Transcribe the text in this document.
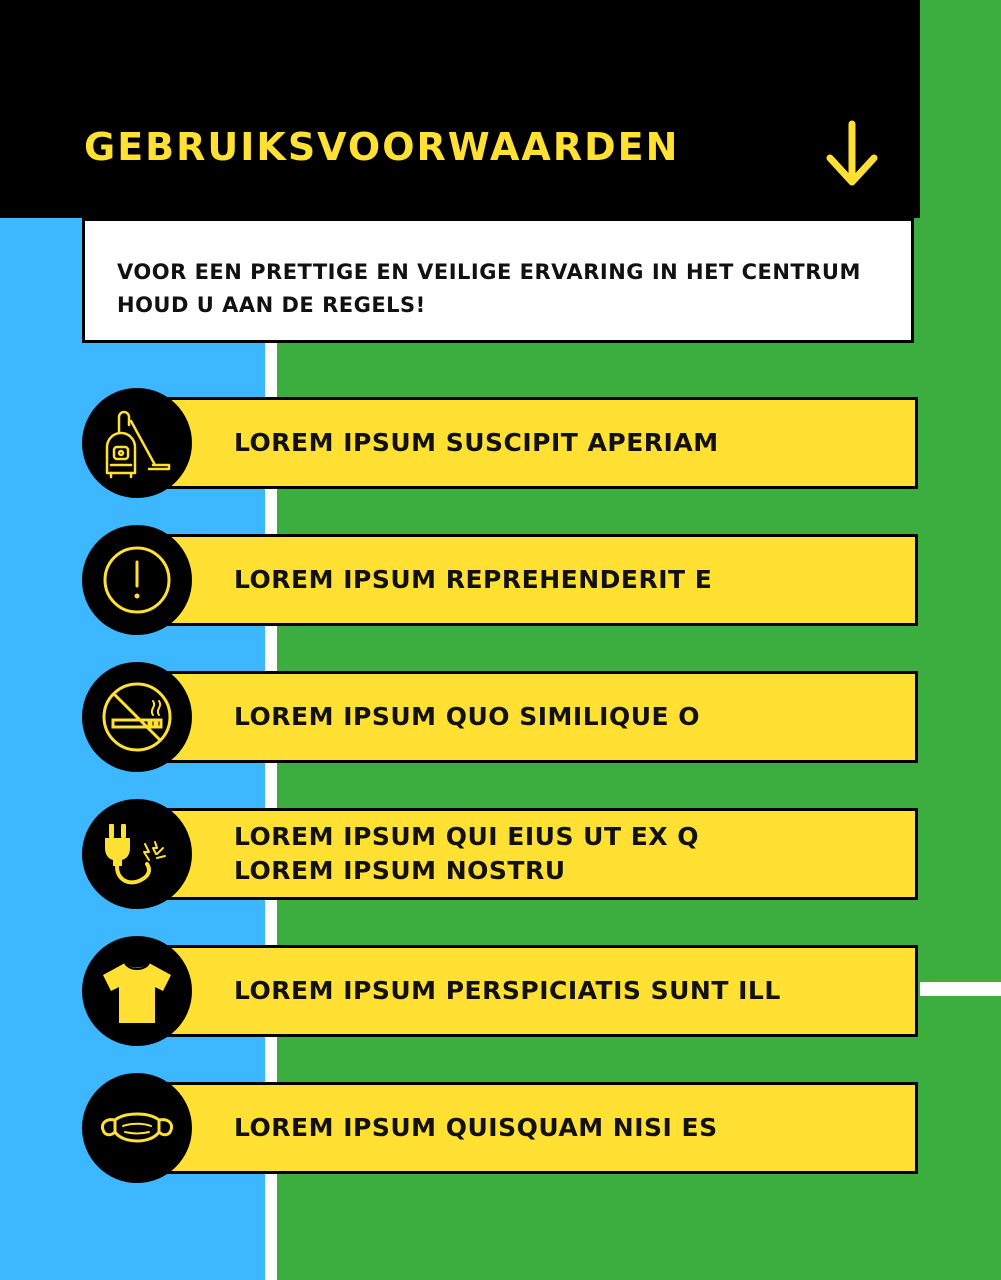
GEBRUIKSVOORWAARDEN

VOOR EEN PRETTIGE EN VEILIGE ERVARING IN HET CENTRUM HOUD U AAN DE REGELS!

LOREM IPSUM SUSCIPIT APERIAM
LOREM IPSUM REPREHENDERIT E
LOREM IPSUM QUO SIMILIQUE O
LOREM IPSUM QUI EIUS UT EX Q
LOREM IPSUM NOSTRU
LOREM IPSUM PERSPICIATIS SUNT ILL
LOREM IPSUM QUISQUAM NISI ES
